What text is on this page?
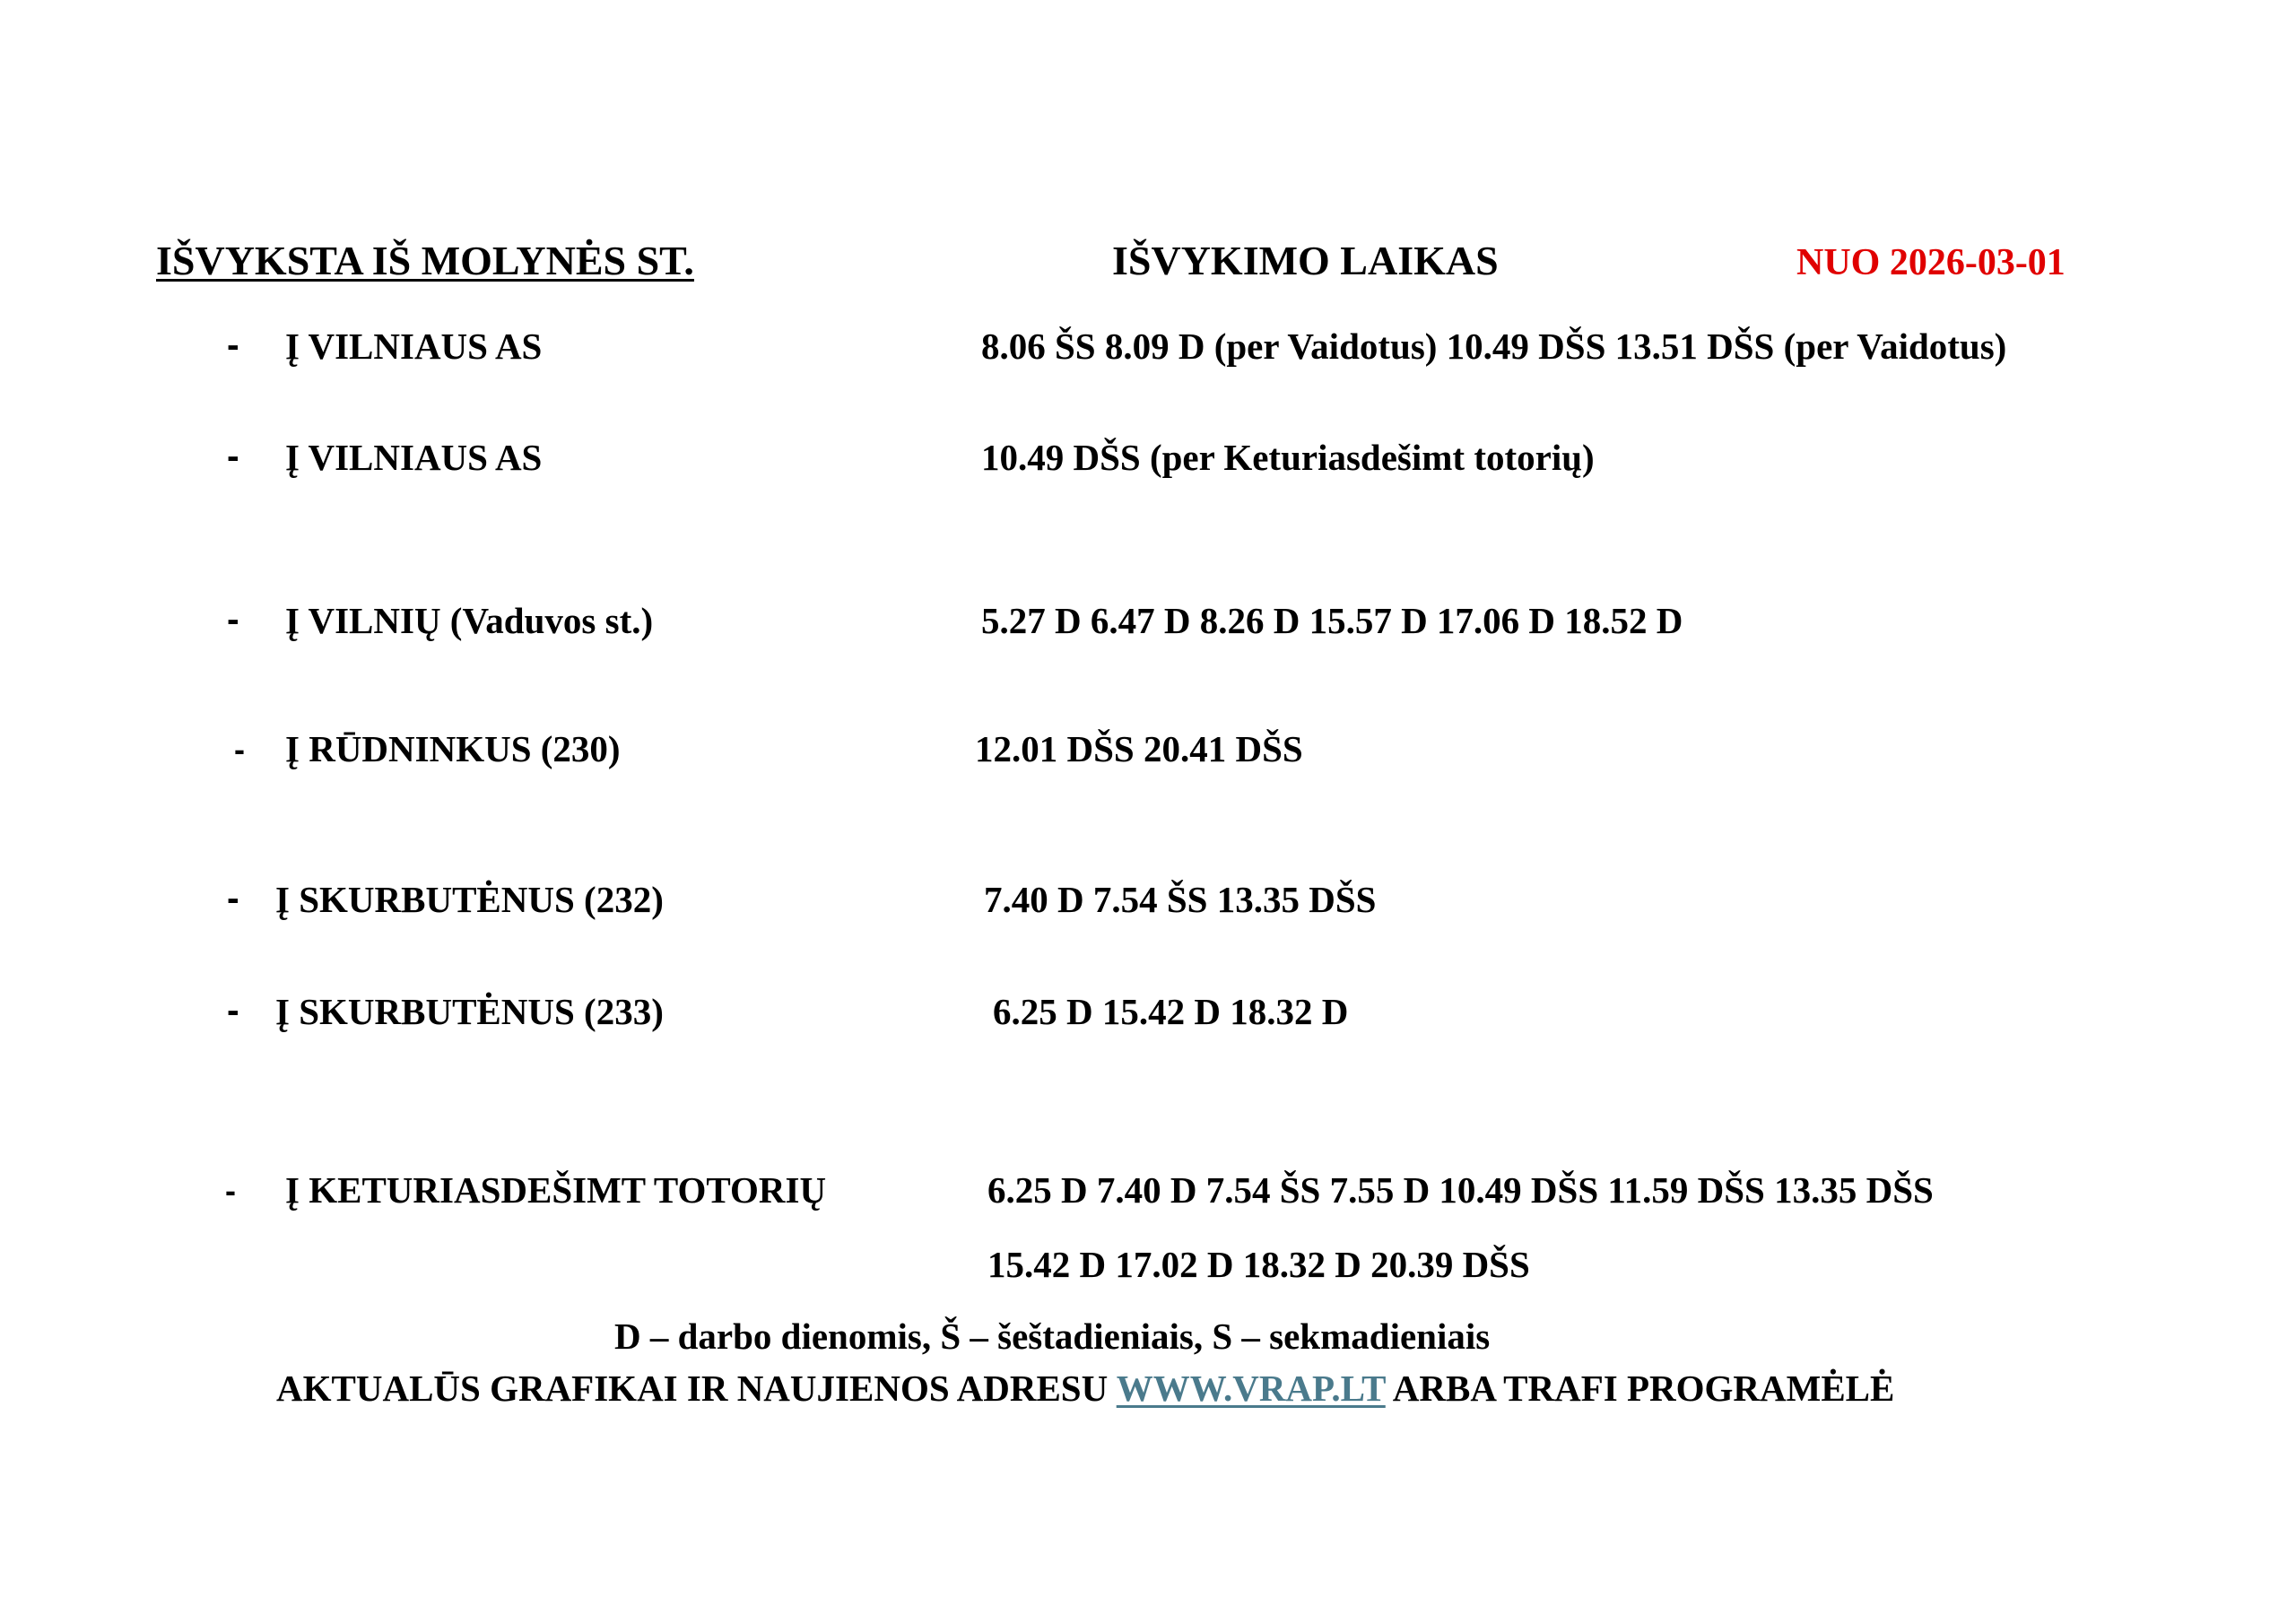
IŠVYKSTA IŠ MOLYNĖS ST.	IŠVYKIMO LAIKAS	NUO 2026-03-01
- Į VILNIAUS AS	8.06 ŠS 8.09 D (per Vaidotus) 10.49 DŠS 13.51 DŠS (per Vaidotus)
- Į VILNIAUS AS	10.49 DŠS (per Keturiasdešimt totorių)
- Į VILNIŲ (Vaduvos st.)	5.27 D 6.47 D 8.26 D 15.57 D 17.06 D 18.52 D
- Į RŪDNINKUS (230)	12.01 DŠS 20.41 DŠS
- Į SKURBUTĖNUS (232)	7.40 D 7.54 ŠS 13.35 DŠS
- Į SKURBUTĖNUS (233)	6.25 D 15.42 D 18.32 D
- Į KETURIASDEŠIMT TOTORIŲ	6.25 D 7.40 D 7.54 ŠS 7.55 D 10.49 DŠS 11.59 DŠS 13.35 DŠS
15.42 D 17.02 D 18.32 D 20.39 DŠS
D – darbo dienomis, Š – šeštadieniais, S – sekmadieniais
AKTUALŪS GRAFIKAI IR NAUJIENOS ADRESU WWW.VRAP.LT ARBA TRAFI PROGRAMĖLĖ
